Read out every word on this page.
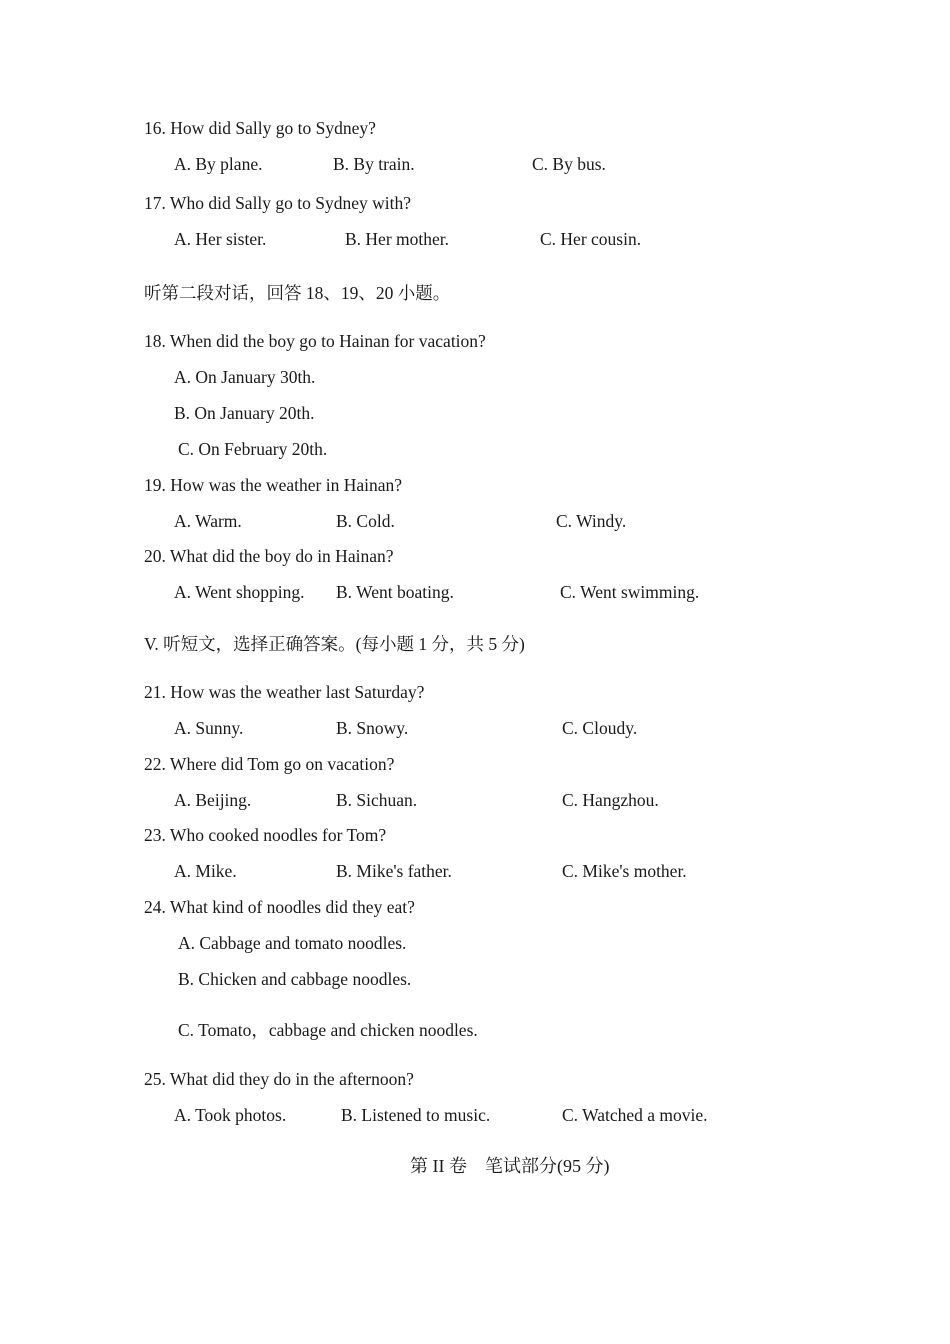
16. How did Sally go to Sydney?
A. By plane.	B. By train.	C. By bus.
17. Who did Sally go to Sydney with?
A. Her sister.	B. Her mother.	C. Her cousin.
听第二段对话，回答 18、19、20 小题。
18. When did the boy go to Hainan for vacation?
A. On January 30th.
B. On January 20th.
C. On February 20th.
19. How was the weather in Hainan?
A. Warm.	B. Cold.	C. Windy.
20. What did the boy do in Hainan?
A. Went shopping. B. Went boating.	C. Went swimming.
V. 听短文，选择正确答案。(每小题 1 分，共 5 分)
21. How was the weather last Saturday?
A. Sunny.	B. Snowy.	C. Cloudy.
22. Where did Tom go on vacation?
A. Beijing.	B. Sichuan.	C. Hangzhou.
23. Who cooked noodles for Tom?
A. Mike.	B. Mike's father.	C. Mike's mother.
24. What kind of noodles did they eat?
A. Cabbage and tomato noodles.
B. Chicken and cabbage noodles.
C. Tomato，cabbage and chicken noodles.
25. What did they do in the afternoon?
A. Took photos.	B. Listened to music.	C. Watched a movie.
第 II 卷　笔试部分(95 分)
